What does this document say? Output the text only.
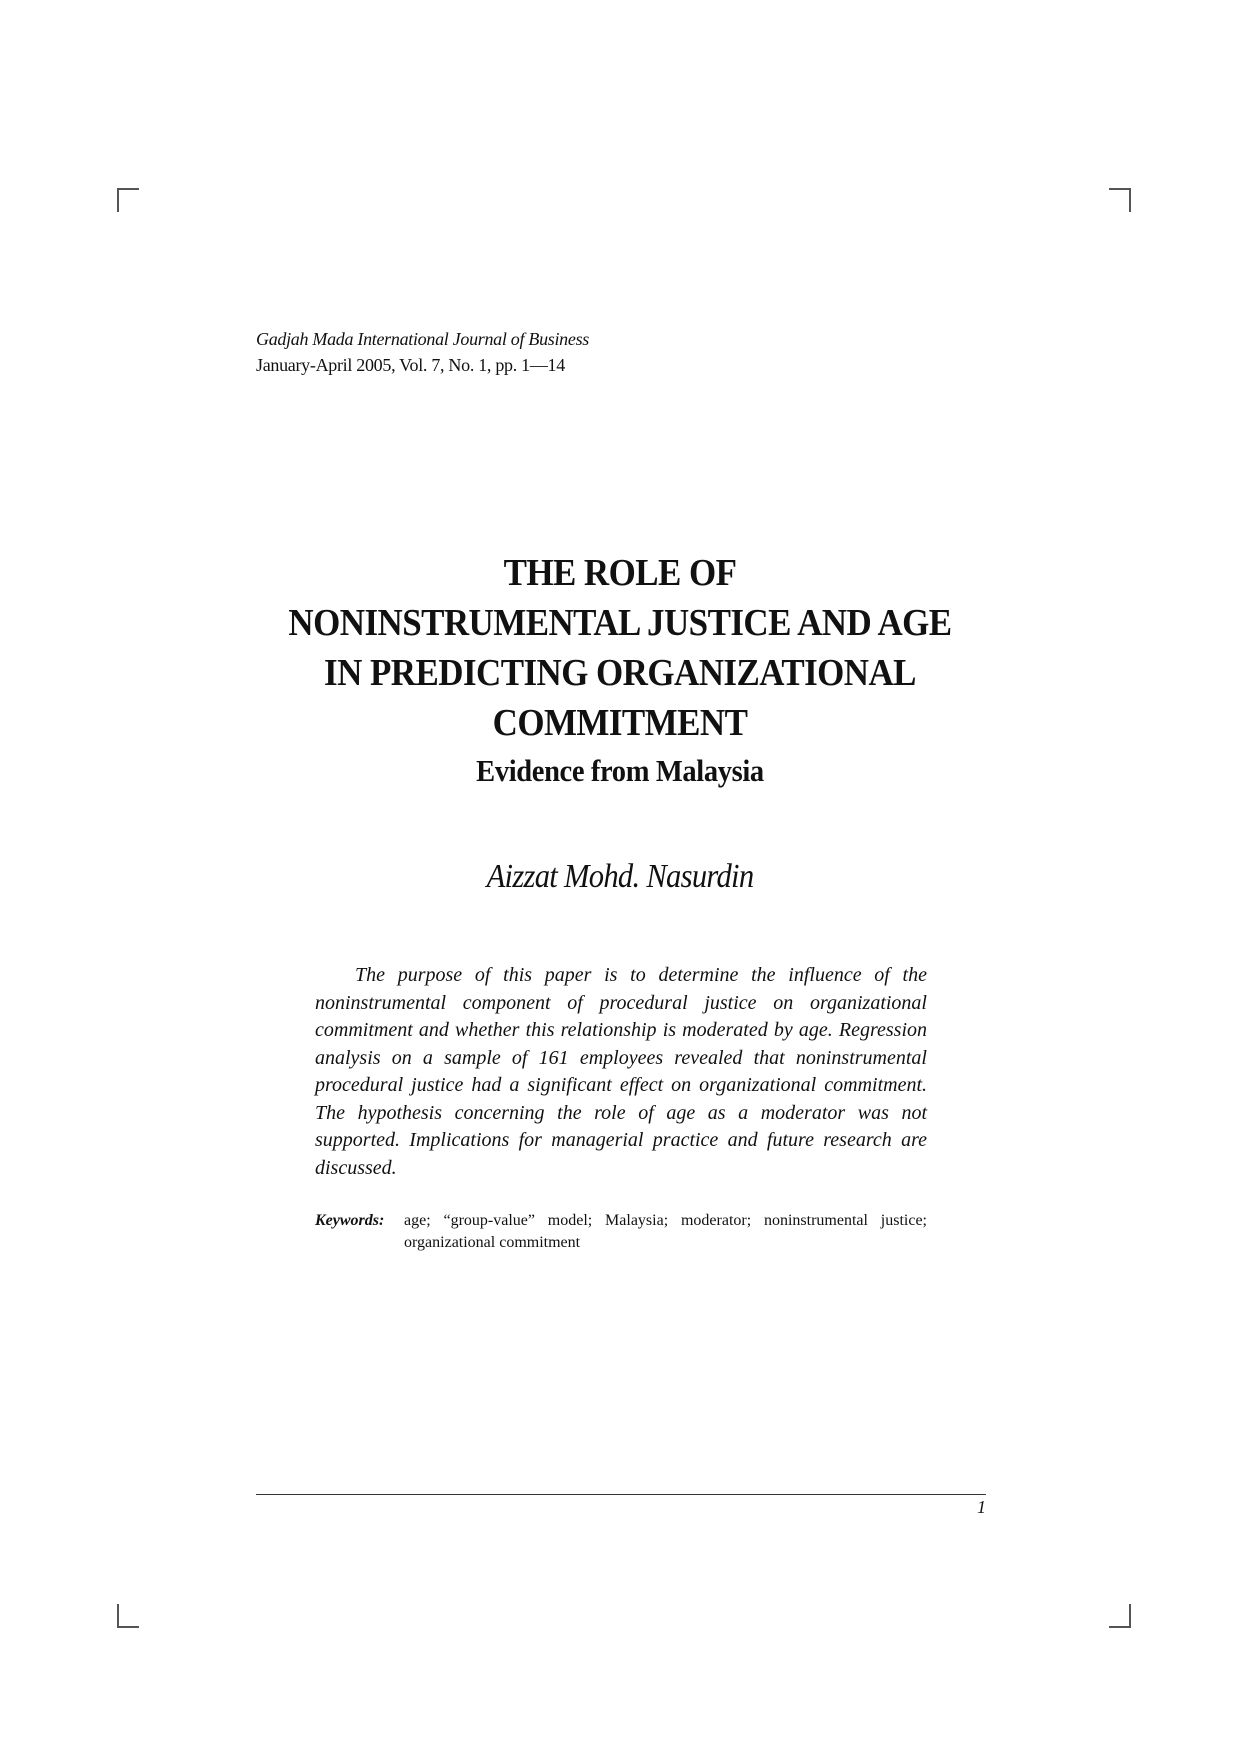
Gadjah Mada International Journal of Business
January-April 2005, Vol. 7, No. 1, pp. 1—14
THE ROLE OF
NONINSTRUMENTAL JUSTICE AND AGE
IN PREDICTING ORGANIZATIONAL
COMMITMENT
Evidence from Malaysia
Aizzat Mohd. Nasurdin

The purpose of this paper is to determine the influence of the noninstrumental component of procedural justice on organizational commitment and whether this relationship is moderated by age. Regression analysis on a sample of 161 employees revealed that noninstrumental procedural justice had a significant effect on organizational commitment. The hypothesis concerning the role of age as a moderator was not supported. Implications for managerial practice and future research are discussed.

Keywords: age; “group-value” model; Malaysia; moderator; noninstrumental justice; organizational commitment
1
